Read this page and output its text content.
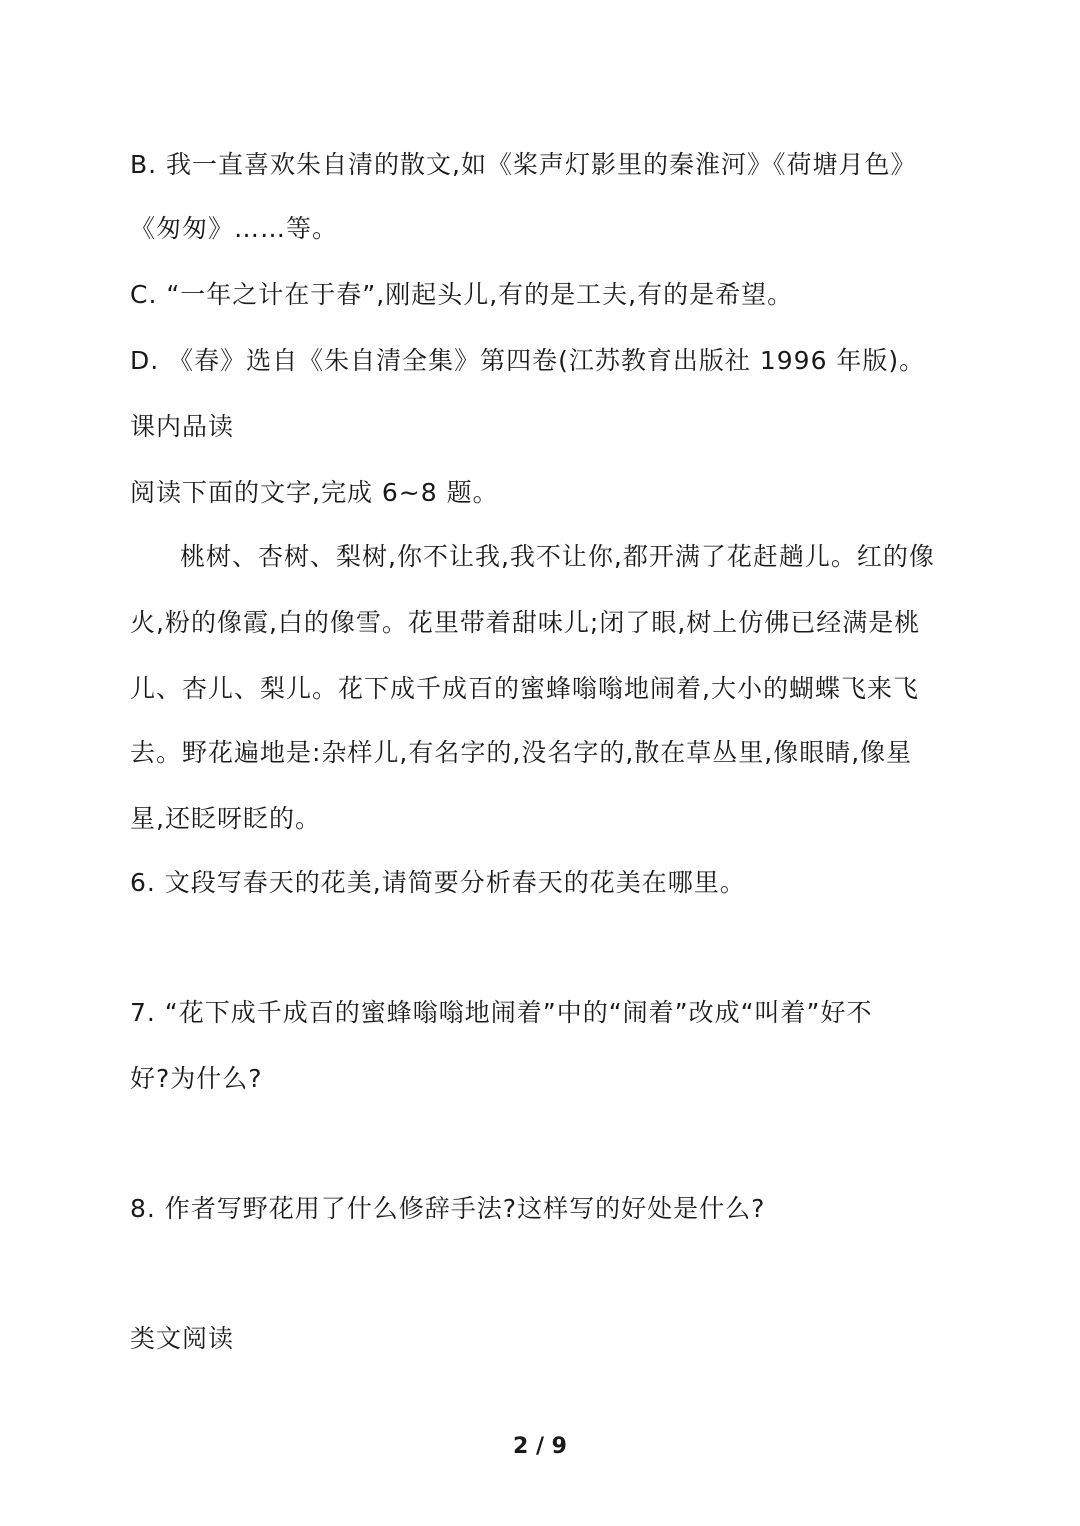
B. 我一直喜欢朱自清的散文,如《桨声灯影里的秦淮河》《荷塘月色》
《匆匆》……等。
C. “一年之计在于春”,刚起头儿,有的是工夫,有的是希望。
D. 《春》选自《朱自清全集》第四卷(江苏教育出版社 1996 年版)。
课内品读
阅读下面的文字,完成 6~8 题。
桃树、杏树、梨树,你不让我,我不让你,都开满了花赶趟儿。红的像
火,粉的像霞,白的像雪。花里带着甜味儿;闭了眼,树上仿佛已经满是桃
儿、杏儿、梨儿。花下成千成百的蜜蜂嗡嗡地闹着,大小的蝴蝶飞来飞
去。野花遍地是:杂样儿,有名字的,没名字的,散在草丛里,像眼睛,像星
星,还眨呀眨的。
6. 文段写春天的花美,请简要分析春天的花美在哪里。
7. “花下成千成百的蜜蜂嗡嗡地闹着”中的“闹着”改成“叫着”好不
好?为什么?
8. 作者写野花用了什么修辞手法?这样写的好处是什么?
类文阅读
2 / 9
